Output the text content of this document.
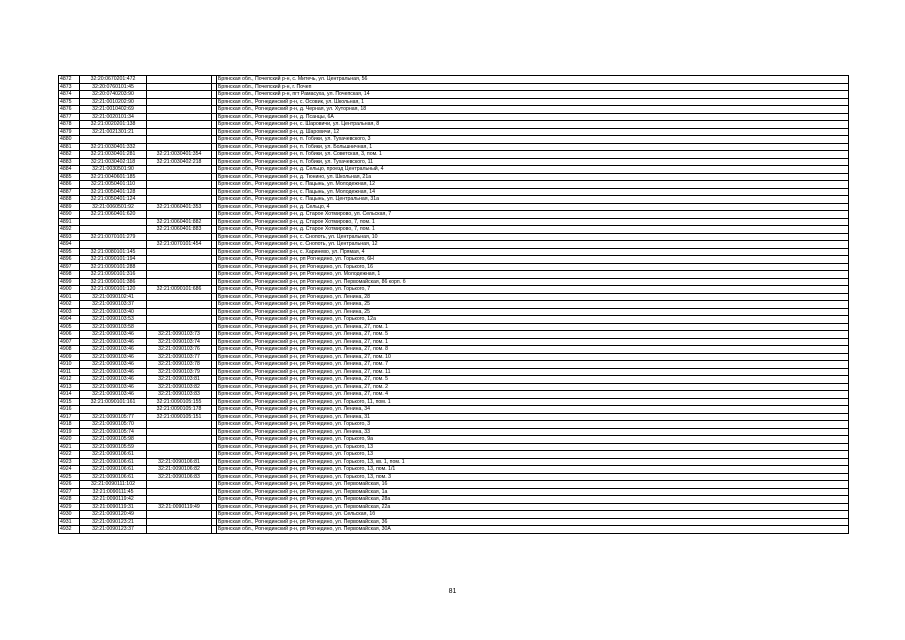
4872	32:20:0670201:472			Брянская обл., Почепский р-н, с. Митечь, ул. Центральная, 56
4873	32:20:0760101:45			Брянская обл., Почепский р-н, г. Почеп
4874	32:20:0740203:90			Брянская обл., Почепский р-н, пгт Рамасуха, ул. Почепская, 14
4875	32:21:0010202:90			Брянская обл., Рогнединский р-н, с. Осовик, ул. Школьная, 1
4876	32:21:0010402:69			Брянская обл., Рогнединский р-н, д. Черная, ул. Хуторная, 18
4877	32:21:0020101:34			Брянская обл., Рогнединский р-н, д. Псанцы, 6А
4878	32:21:0020201:138			Брянская обл., Рогнединский р-н, с. Шаровичи, ул. Центральная, 8
4879	32:21:0021301:21			Брянская обл., Рогнединский р-н, д. Шаровичи, 12
4880				Брянская обл., Рогнединский р-н, п. Гобики, ул. Тухачевского, 3
4881	32:21:0030401:332			Брянская обл., Рогнединский р-н, п. Гобики, ул. Большничная, 1
4882	32:21:0030401:281	32:21:0030401:354		Брянская обл., Рогнединский р-н, п. Гобики, ул. Советская, 3, пом. 1
4883	32:21:0030402:118	32:21:0030402:218		Брянская обл., Рогнединский р-н, п. Гобики, ул. Тухачевского, 11
4884	32:21:0030501:90			Брянская обл., Рогнединский р-н, д. Сельцо, проезд Центральный, 4
4885	32:21:0040601:185			Брянская обл., Рогнединский р-н, д. Тюнино, ул. Школьная, 21а
4886	32:21:0050401:110			Брянская обл., Рогнединский р-н, с. Пацынь, ул. Молодежная, 12
4887	32:21:0050401:128			Брянская обл., Рогнединский р-н, с. Пацынь, ул. Молодежная, 14
4888	32:21:0050401:124			Брянская обл., Рогнединский р-н, с. Пацынь, ул. Центральная, 31а
4889	32:21:0060501:92	32:21:0060401:353		Брянская обл., Рогнединский р-н, д. Сельцо, 4
4890	32:21:0060401:620			Брянская обл., Рогнединский р-н, д. Старое Хотмирово, ул. Сельская, 7
4891		32:21:0060401:882		Брянская обл., Рогнединский р-н, д. Старое Хотмирово, 7, пом. 1
4892		32:21:0060401:883		Брянская обл., Рогнединский р-н, д. Старое Хотмирово, 7, пом. 1
4893	32:21:0070101:279			Брянская обл., Рогнединский р-н, с. Снопоть, ул. Центральная, 10
4894		32:21:0070101:454		Брянская обл., Рогнединский р-н, с. Снопоть, ул. Центральная, 12
4895	32:21:0080101:145			Брянская обл., Рогнединский р-н, с. Харинево, ул. Прямая, 4
4896	32:21:0090101:194			Брянская обл., Рогнединский р-н, рп Рогнедино, ул. Горького, 6Н
4897	32:21:0090101:288			Брянская обл., Рогнединский р-н, рп Рогнедино, ул. Горького, 16
4898	32:21:0090101:316			Брянская обл., Рогнединский р-н, рп Рогнедино, ул. Молодежная, 1
4899	32:21:0090101:386			Брянская обл., Рогнединский р-н, рп Рогнедино, ул. Первомайская, 86 корп. б
4900	32:21:0090101:120	32:21:0090101:686		Брянская обл., Рогнединский р-н, рп Рогнедино, ул. Горького, 7
4901	32:21:0090102:41			Брянская обл., Рогнединский р-н, рп Рогнедино, ул. Ленина, 28
4902	32:21:0090103:37			Брянская обл., Рогнединский р-н, рп Рогнедино, ул. Ленина, 25
4903	32:21:0090103:40			Брянская обл., Рогнединский р-н, рп Рогнедино, ул. Ленина, 25
4904	32:21:0090103:53			Брянская обл., Рогнединский р-н, рп Рогнедино, ул. Горького, 12а
4905	32:21:0090103:58			Брянская обл., Рогнединский р-н, рп Рогнедино, ул. Ленина, 27, пом. 1
4906	32:21:0090103:46	32:21:0090103:73		Брянская обл., Рогнединский р-н, рп Рогнедино, ул. Ленина, 27, пом. 5
4907	32:21:0090103:46	32:21:0090103:74		Брянская обл., Рогнединский р-н, рп Рогнедино, ул. Ленина, 27, пом. 1
4908	32:21:0090103:46	32:21:0090103:76		Брянская обл., Рогнединский р-н, рп Рогнедино, ул. Ленина, 27, пом. 8
4909	32:21:0090103:46	32:21:0090103:77		Брянская обл., Рогнединский р-н, рп Рогнедино, ул. Ленина, 27, пом. 10
4910	32:21:0090103:46	32:21:0090103:78		Брянская обл., Рогнединский р-н, рп Рогнедино, ул. Ленина, 27, пом. 7
4911	32:21:0090103:46	32:21:0090103:79		Брянская обл., Рогнединский р-н, рп Рогнедино, ул. Ленина, 27, пом. 11
4912	32:21:0090103:46	32:21:0090103:81		Брянская обл., Рогнединский р-н, рп Рогнедино, ул. Ленина, 27, пом. 5
4913	32:21:0090103:46	32:21:0090103:82		Брянская обл., Рогнединский р-н, рп Рогнедино, ул. Ленина, 27, пом. 2
4914	32:21:0090103:46	32:21:0090103:83		Брянская обл., Рогнединский р-н, рп Рогнедино, ул. Ленина, 27, пом. 4
4915	32:21:0090101:161	32:21:0090105:155		Брянская обл., Рогнединский р-н, рп Рогнедино, ул. Горького, 11, пом. 1
4916		32:21:0090105:178		Брянская обл., Рогнединский р-н, рп Рогнедино, ул. Ленина, 34
4917	32:21:0090105:77	32:21:0090105:151		Брянская обл., Рогнединский р-н, рп Рогнедино, ул. Ленина, 31
4918	32:21:0090105:70			Брянская обл., Рогнединский р-н, рп Рогнедино, ул. Горького, 3
4919	32:21:0090105:74			Брянская обл., Рогнединский р-н, рп Рогнедино, ул. Ленина, 33
4920	32:21:0090105:98			Брянская обл., Рогнединский р-н, рп Рогнедино, ул. Горького, 9а
4921	32:21:0090105:59			Брянская обл., Рогнединский р-н, рп Рогнедино, ул. Горького, 13
4922	32:21:0090106:61			Брянская обл., Рогнединский р-н, рп Рогнедино, ул. Горького, 13
4923	32:21:0090106:61	32:21:0090106:81		Брянская обл., Рогнединский р-н, рп Рогнедино, ул. Горького, 13, кв. 1, пом. 1
4924	32:21:0090106:61	32:21:0090106:82		Брянская обл., Рогнединский р-н, рп Рогнедино, ул. Горького, 13, пом. 1/1
4925	32:21:0090106:61	32:21:0090106:83		Брянская обл., Рогнединский р-н, рп Рогнедино, ул. Горького, 13, пом. 3
4926	32:21:0090111:102			Брянская обл., Рогнединский р-н, рп Рогнедино, ул. Первомайская, 16
4927	32:21:0090111:45			Брянская обл., Рогнединский р-н, рп Рогнедино, ул. Первомайская, 1а
4928	32:21:0090119:42			Брянская обл., Рогнединский р-н, рп Рогнедино, ул. Первомайская, 28а
4929	32:21:0090119:31	32:21:0090119:49		Брянская обл., Рогнединский р-н, рп Рогнедино, ул. Первомайская, 22а
4930	32:21:0090120:49			Брянская обл., Рогнединский р-н, рп Рогнедино, ул. Сельская, 1б
4931	32:21:0090123:21			Брянская обл., Рогнединский р-н, рп Рогнедино, ул. Первомайская, 36
4932	32:21:0090123:37			Брянская обл., Рогнединский р-н, рп Рогнедино, ул. Первомайская, 30А
81
